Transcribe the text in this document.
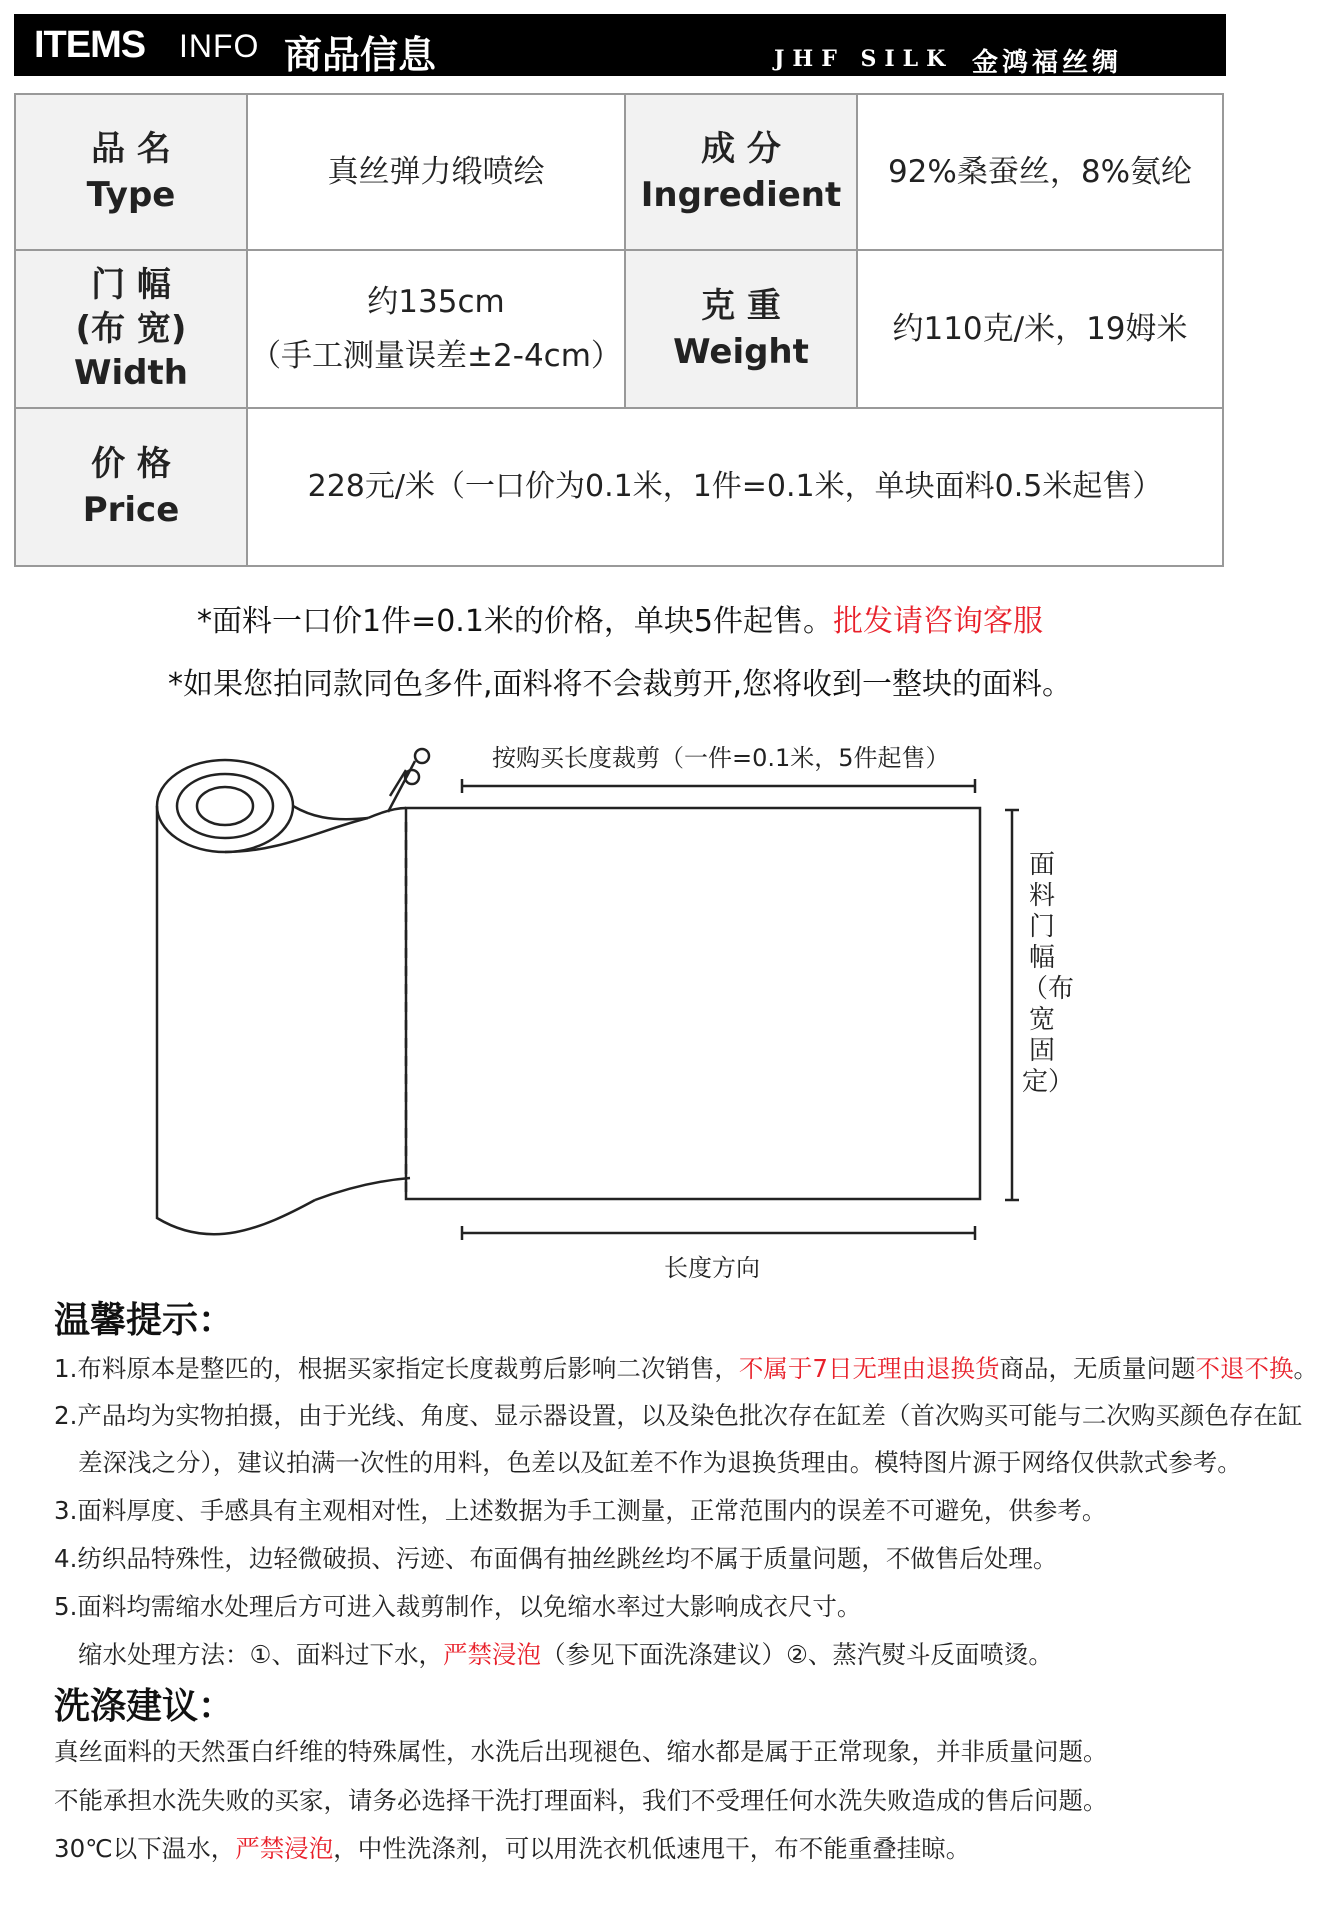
ITEMS INFO 商品信息	JHF SILK 金鸿福丝绸
品 名
Type
真丝弹力缎喷绘
成 分
Ingredient
92%桑蚕丝，8%氨纶
门 幅
(布 宽)
Width
约135cm
（手工测量误差±2-4cm）
克 重
Weight
约110克/米，19姆米
价 格
Price
228元/米（一口价为0.1米，1件=0.1米，单块面料0.5米起售）
*面料一口价1件=0.1米的价格，单块5件起售。批发请咨询客服
*如果您拍同款同色多件,面料将不会裁剪开,您将收到一整块的面料。
按购买长度裁剪（一件=0.1米，5件起售）
长度方向
面料门幅（布宽固定）
温馨提示：
1.布料原本是整匹的，根据买家指定长度裁剪后影响二次销售，不属于7日无理由退换货商品，无质量问题不退不换。
2.产品均为实物拍摄，由于光线、角度、显示器设置，以及染色批次存在缸差（首次购买可能与二次购买颜色存在缸
差深浅之分），建议拍满一次性的用料，色差以及缸差不作为退换货理由。模特图片源于网络仅供款式参考。
3.面料厚度、手感具有主观相对性，上述数据为手工测量，正常范围内的误差不可避免，供参考。
4.纺织品特殊性，边轻微破损、污迹、布面偶有抽丝跳丝均不属于质量问题，不做售后处理。
5.面料均需缩水处理后方可进入裁剪制作，以免缩水率过大影响成衣尺寸。
缩水处理方法：①、面料过下水，严禁浸泡（参见下面洗涤建议）②、蒸汽熨斗反面喷烫。
洗涤建议：
真丝面料的天然蛋白纤维的特殊属性，水洗后出现褪色、缩水都是属于正常现象，并非质量问题。
不能承担水洗失败的买家，请务必选择干洗打理面料，我们不受理任何水洗失败造成的售后问题。
30℃以下温水，严禁浸泡，中性洗涤剂，可以用洗衣机低速甩干，布不能重叠挂晾。
